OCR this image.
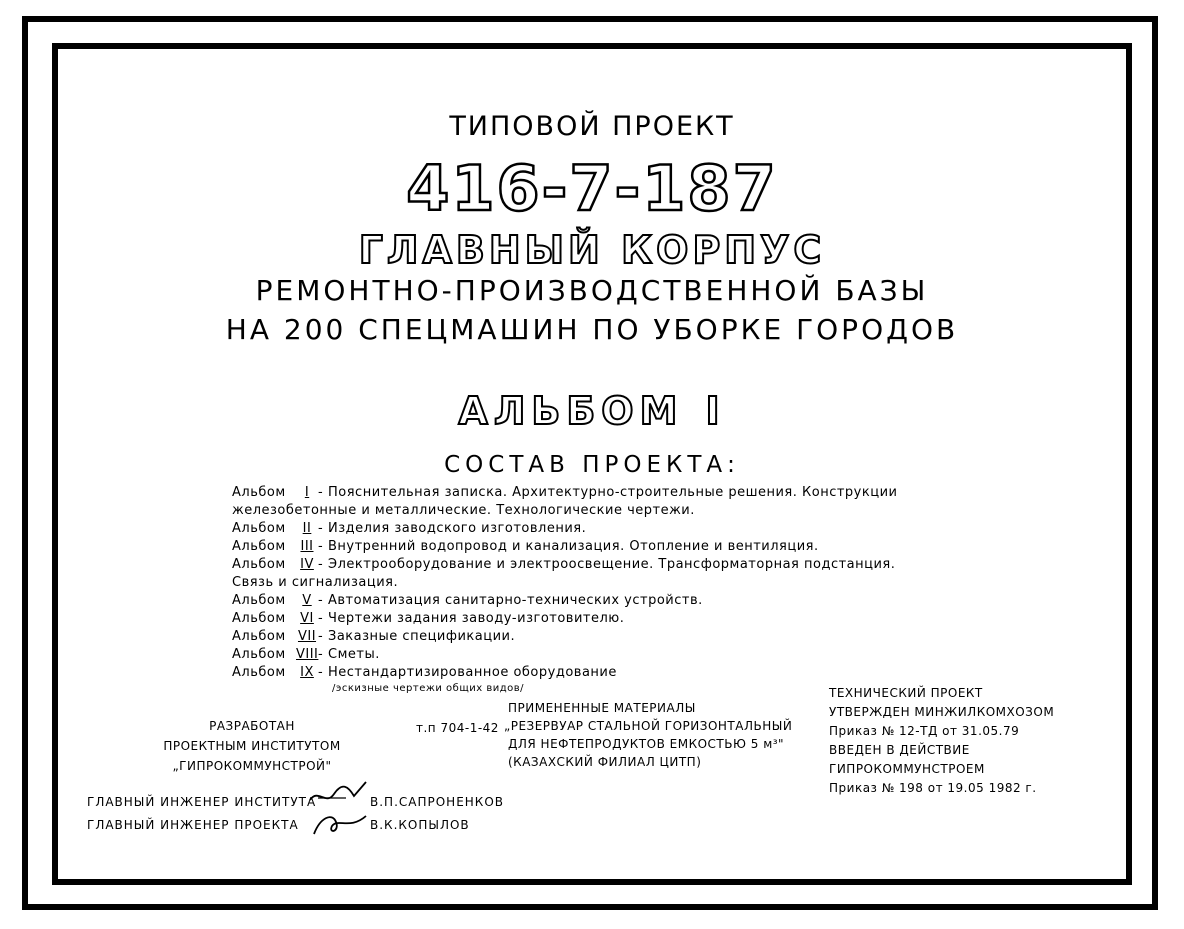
ТИПОВОЙ ПРОЕКТ
416-7-187
ГЛАВНЫЙ КОРПУС
РЕМОНТНО-ПРОИЗВОДСТВЕННОЙ БАЗЫ
НА 200 СПЕЦМАШИН ПО УБОРКЕ ГОРОДОВ
АЛЬБОМ I
СОСТАВ ПРОЕКТА:
Альбом I - Пояснительная записка. Архитектурно-строительные решения. Конструкции
железобетонные и металлические. Технологические чертежи.
Альбом II - Изделия заводского изготовления.
Альбом III - Внутренний водопровод и канализация. Отопление и вентиляция.
Альбом IV - Электрооборудование и электроосвещение. Трансформаторная подстанция.
Связь и сигнализация.
Альбом V - Автоматизация санитарно-технических устройств.
Альбом VI - Чертежи задания заводу-изготовителю.
Альбом VII - Заказные спецификации.
Альбом VIII- Сметы.
Альбом IX - Нестандартизированное оборудование
/эскизные чертежи общих видов/
РАЗРАБОТАН
ПРОЕКТНЫМ ИНСТИТУТОМ
„ГИПРОКОММУНСТРОЙ"
ПРИМЕНЕННЫЕ МАТЕРИАЛЫ
т.п 704-1-42 „РЕЗЕРВУАР СТАЛЬНОЙ ГОРИЗОНТАЛЬНЫЙ
ДЛЯ НЕФТЕПРОДУКТОВ ЕМКОСТЬЮ 5 м³"
(КАЗАХСКИЙ ФИЛИАЛ ЦИТП)
ТЕХНИЧЕСКИЙ ПРОЕКТ
УТВЕРЖДЕН МИНЖИЛКОМХОЗОМ
Приказ № 12-ТД от 31.05.79
ВВЕДЕН В ДЕЙСТВИЕ
ГИПРОКОММУНСТРОЕМ
Приказ № 198 от 19.05 1982 г.
ГЛАВНЫЙ ИНЖЕНЕР ИНСТИТУТА	В.П.САПРОНЕНКОВ
ГЛАВНЫЙ ИНЖЕНЕР ПРОЕКТА	В.К.КОПЫЛОВ
